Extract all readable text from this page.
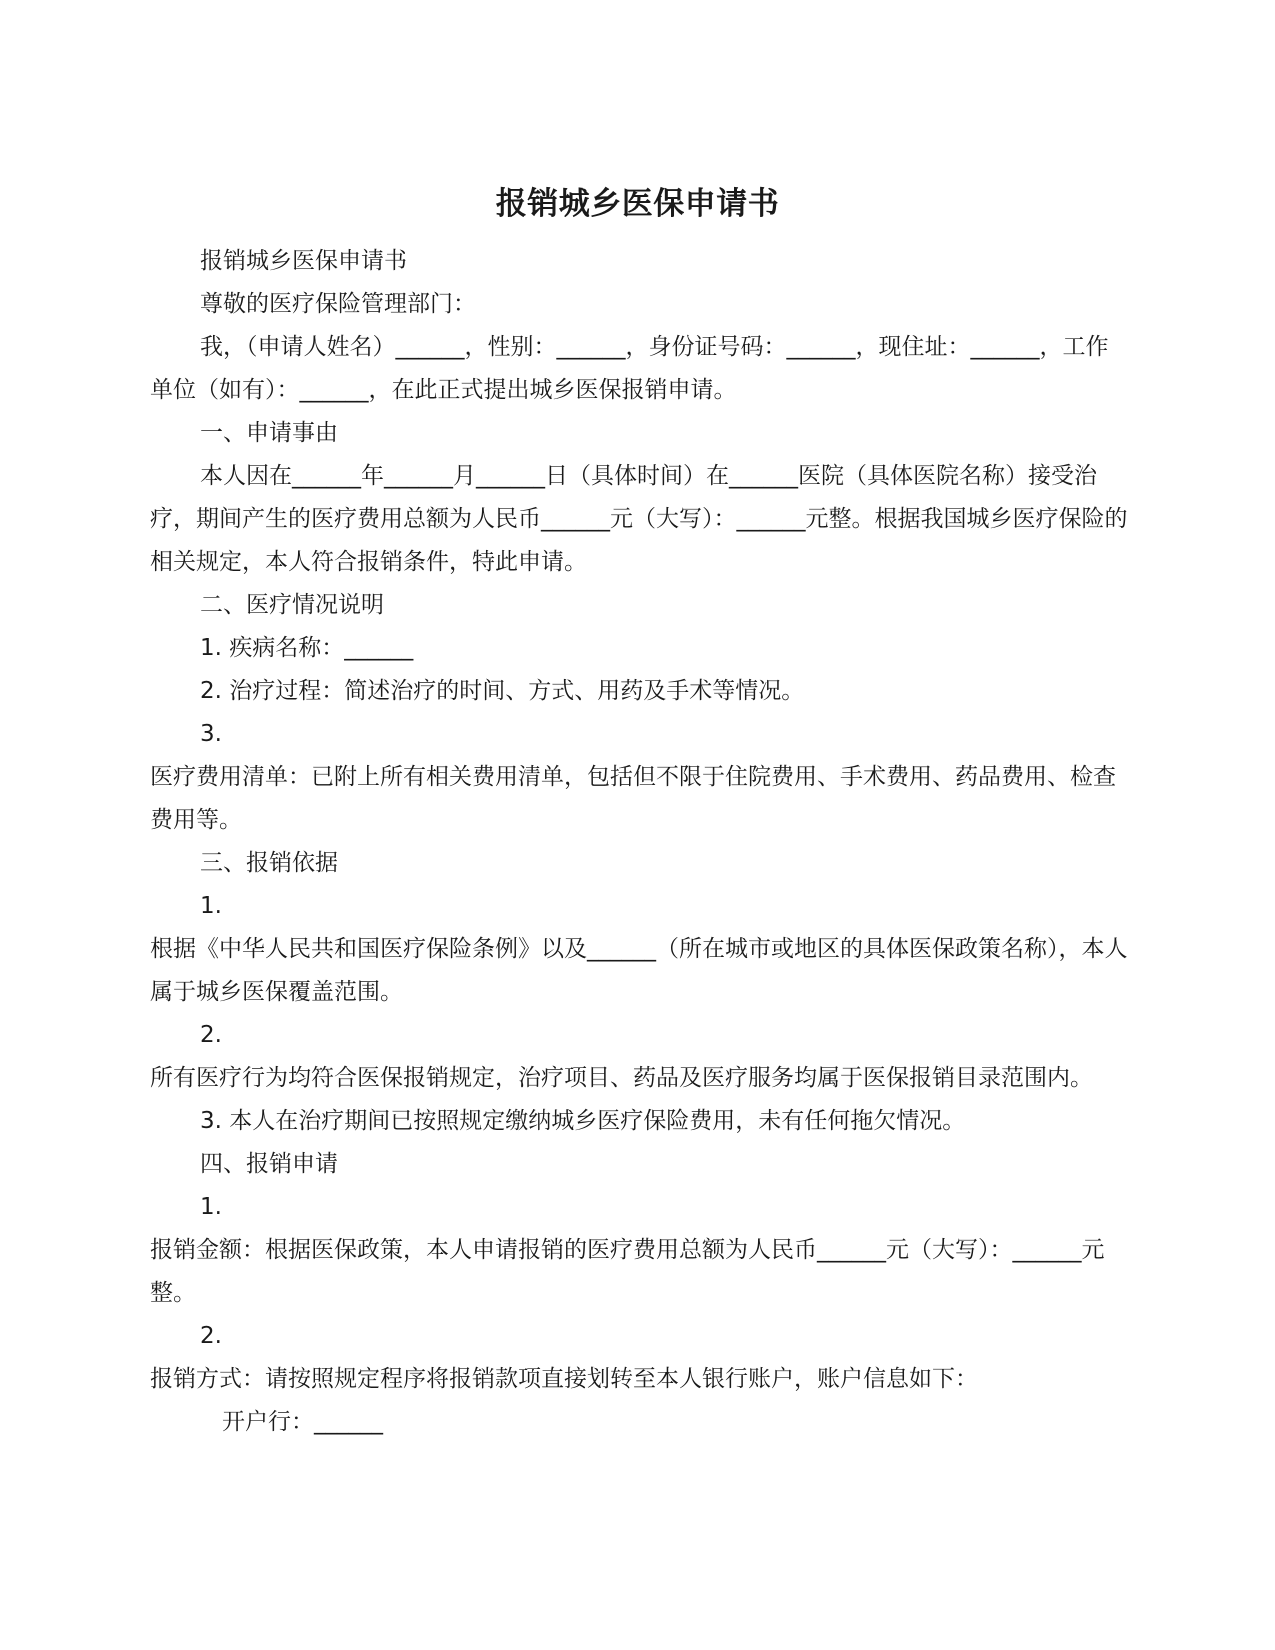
报销城乡医保申请书

报销城乡医保申请书

尊敬的医疗保险管理部门：

我，（申请人姓名）______，性别：______，身份证号码：______，现住址：______，工作单位（如有）：______，在此正式提出城乡医保报销申请。

一、申请事由

本人因在______年______月______日（具体时间）在______医院（具体医院名称）接受治疗，期间产生的医疗费用总额为人民币______元（大写）：______元整。根据我国城乡医疗保险的相关规定，本人符合报销条件，特此申请。

二、医疗情况说明

1. 疾病名称：______

2. 治疗过程：简述治疗的时间、方式、用药及手术等情况。

3.

医疗费用清单：已附上所有相关费用清单，包括但不限于住院费用、手术费用、药品费用、检查费用等。

三、报销依据

1.

根据《中华人民共和国医疗保险条例》以及______（所在城市或地区的具体医保政策名称），本人属于城乡医保覆盖范围。

2.

所有医疗行为均符合医保报销规定，治疗项目、药品及医疗服务均属于医保报销目录范围内。

3. 本人在治疗期间已按照规定缴纳城乡医疗保险费用，未有任何拖欠情况。

四、报销申请

1.

报销金额：根据医保政策，本人申请报销的医疗费用总额为人民币______元（大写）：______元整。

2.

报销方式：请按照规定程序将报销款项直接划转至本人银行账户，账户信息如下：

开户行：______
